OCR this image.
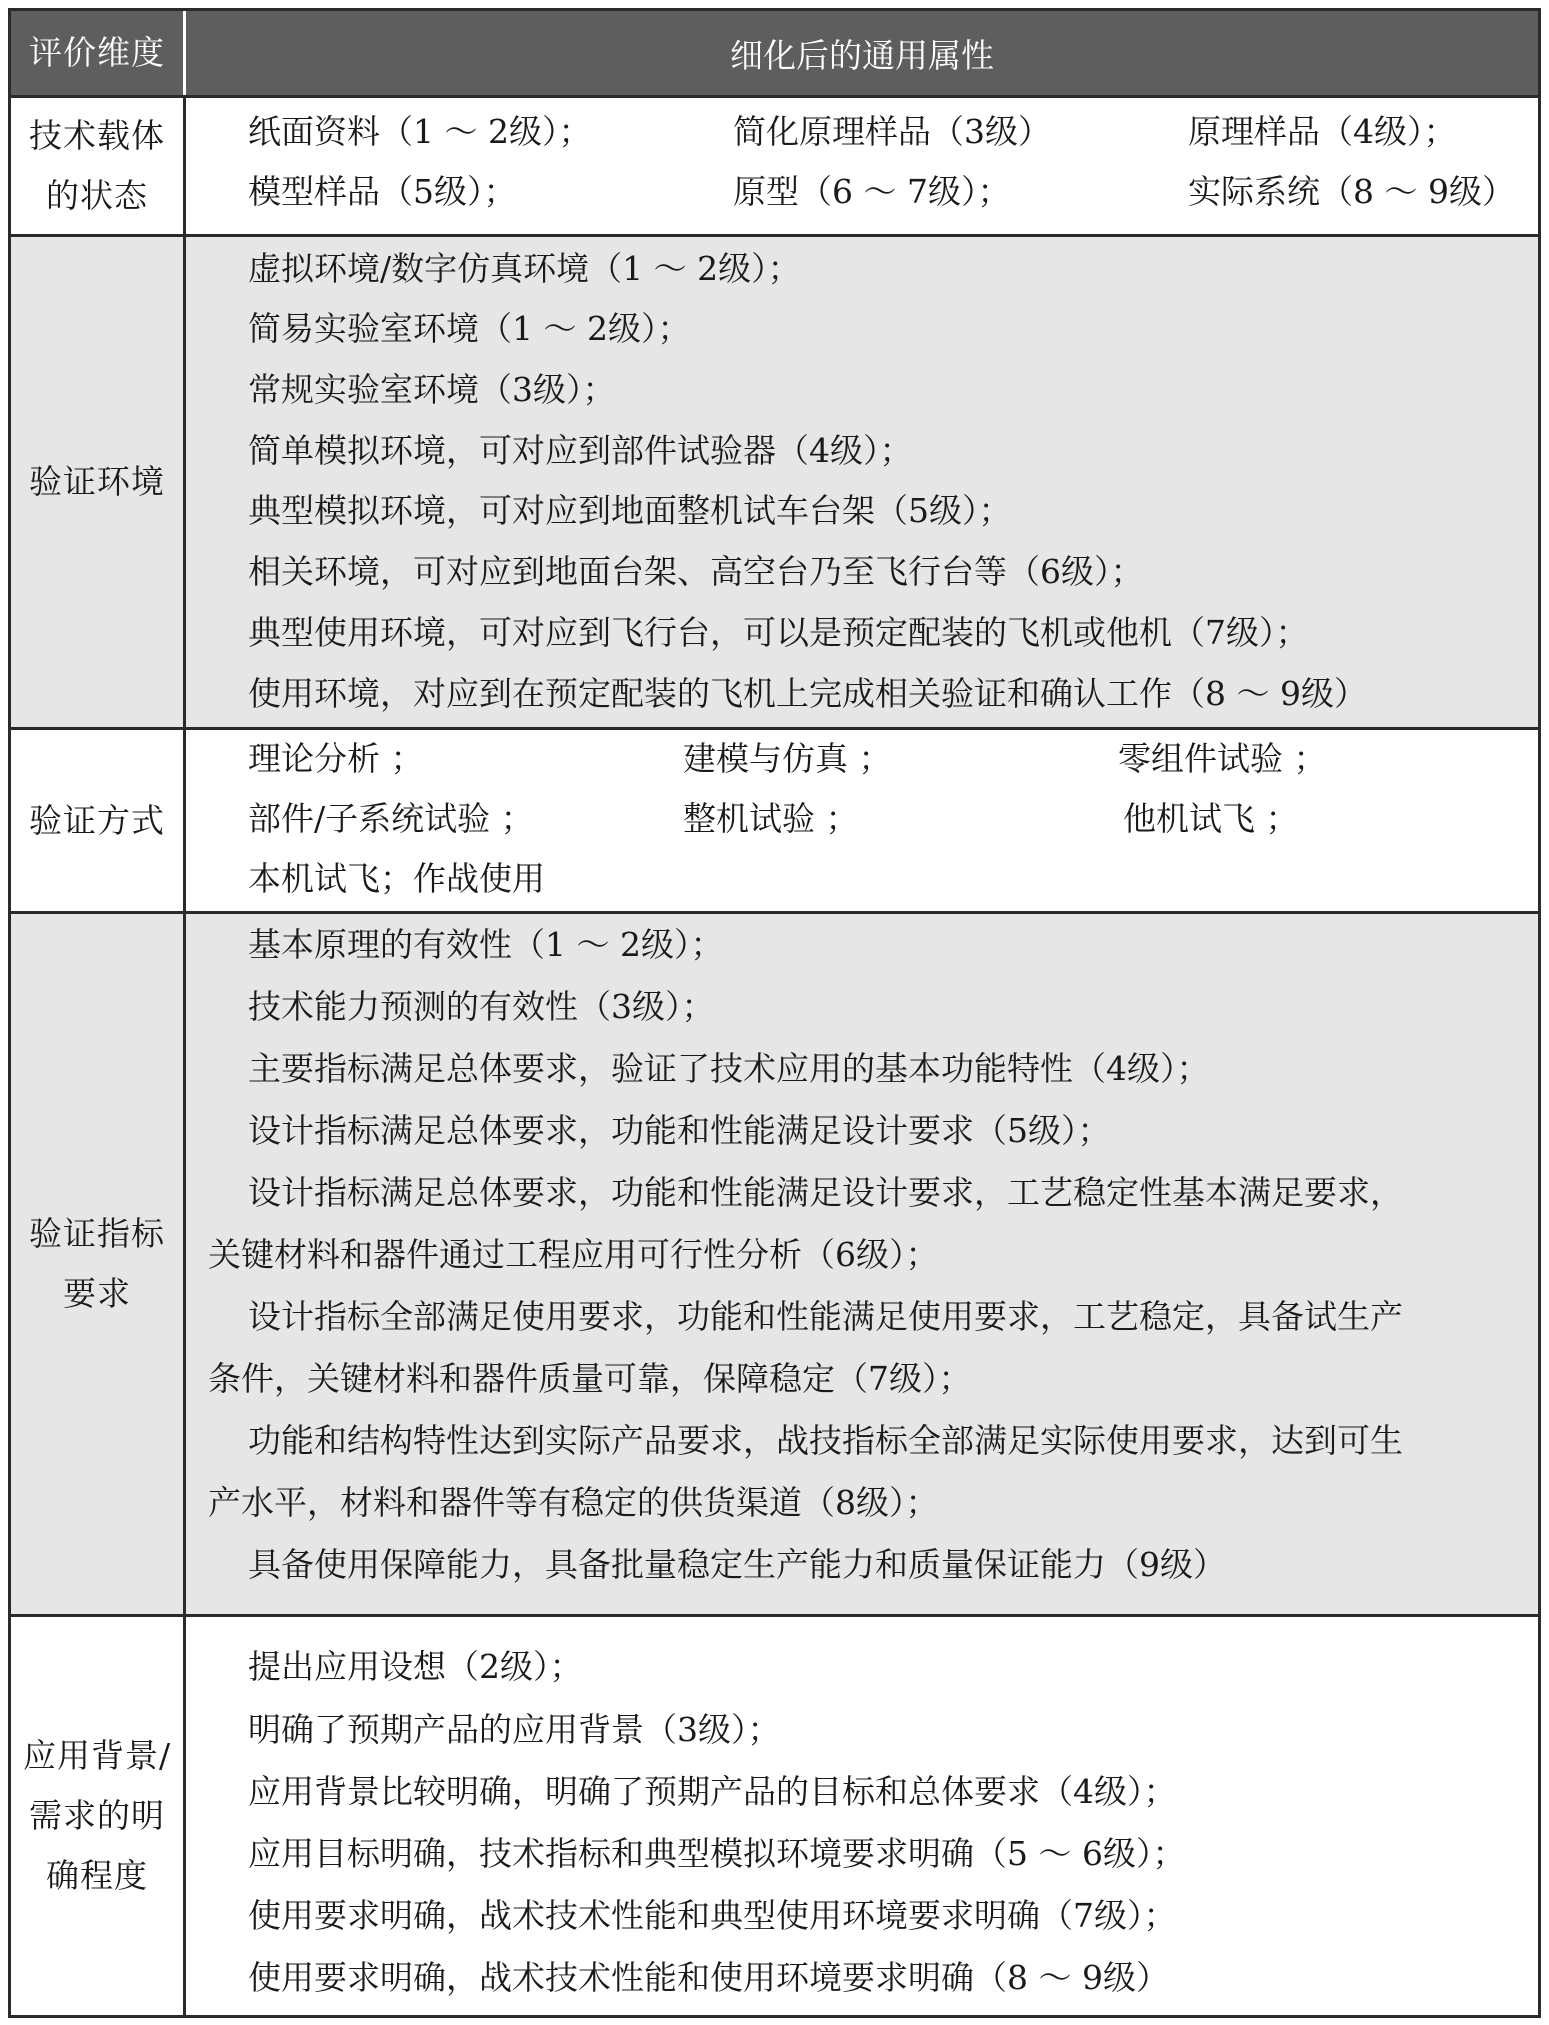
评价维度	细化后的通用属性
技术载体
的状态
纸面资料（1 ～ 2级）；
模型样品（5级）；
简化原理样品（3级）
原型（6 ～ 7级）；
原理样品（4级）；
实际系统（8 ～ 9级）
验证环境
虚拟环境/数字仿真环境（1 ～ 2级）；
简易实验室环境（1 ～ 2级）；
常规实验室环境（3级）；
简单模拟环境，可对应到部件试验器（4级）；
典型模拟环境，可对应到地面整机试车台架（5级）；
相关环境，可对应到地面台架、高空台乃至飞行台等（6级）；
典型使用环境，可对应到飞行台，可以是预定配装的飞机或他机（7级）；
使用环境，对应到在预定配装的飞机上完成相关验证和确认工作（8 ～ 9级）
验证方式
理论分析 ；
部件/子系统试验 ；
本机试飞；作战使用
建模与仿真 ；
整机试验 ；
零组件试验 ；
他机试飞 ；
验证指标
要求
基本原理的有效性（1 ～ 2级）；
技术能力预测的有效性（3级）；
主要指标满足总体要求，验证了技术应用的基本功能特性（4级）；
设计指标满足总体要求，功能和性能满足设计要求（5级）；
设计指标满足总体要求，功能和性能满足设计要求，工艺稳定性基本满足要求，
关键材料和器件通过工程应用可行性分析（6级）；
设计指标全部满足使用要求，功能和性能满足使用要求，工艺稳定，具备试生产
条件，关键材料和器件质量可靠，保障稳定（7级）；
功能和结构特性达到实际产品要求，战技指标全部满足实际使用要求，达到可生
产水平，材料和器件等有稳定的供货渠道（8级）；
具备使用保障能力，具备批量稳定生产能力和质量保证能力（9级）
应用背景/
需求的明
确程度
提出应用设想（2级）；
明确了预期产品的应用背景（3级）；
应用背景比较明确，明确了预期产品的目标和总体要求（4级）；
应用目标明确，技术指标和典型模拟环境要求明确（5 ～ 6级）；
使用要求明确，战术技术性能和典型使用环境要求明确（7级）；
使用要求明确，战术技术性能和使用环境要求明确（8 ～ 9级）
